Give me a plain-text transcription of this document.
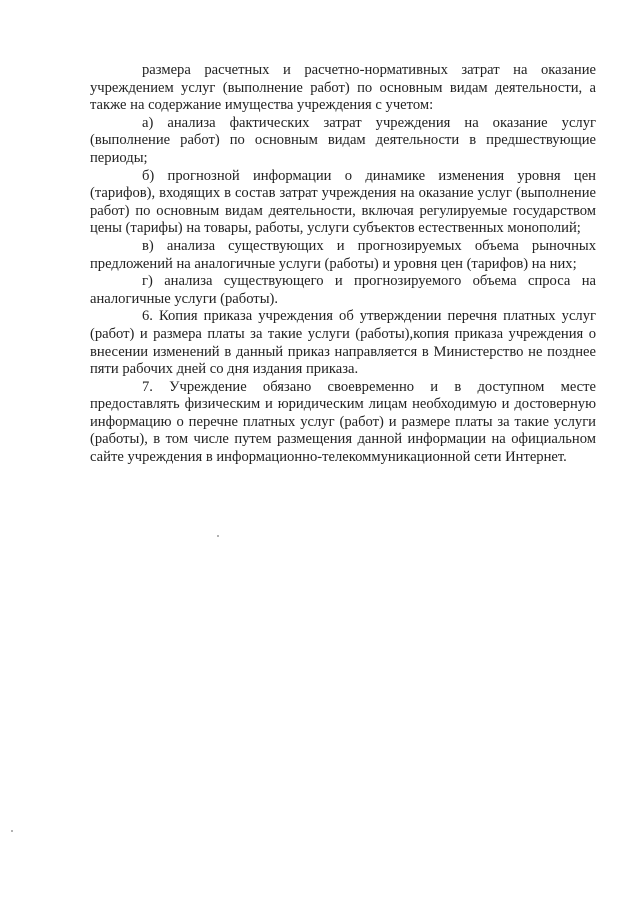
размера расчетных и расчетно-нормативных затрат на оказание учреждением услуг (выполнение работ) по основным видам деятельности, а также на содержание имущества учреждения с учетом:

а) анализа фактических затрат учреждения на оказание услуг (выполнение работ) по основным видам деятельности в предшествующие периоды;

б) прогнозной информации о динамике изменения уровня цен (тарифов), входящих в состав затрат учреждения на оказание услуг (выполнение работ) по основным видам деятельности, включая регулируемые государством цены (тарифы) на товары, работы, услуги субъектов естественных монополий;

в) анализа существующих и прогнозируемых объема рыночных предложений на аналогичные услуги (работы) и уровня цен (тарифов) на них;

г) анализа существующего и прогнозируемого объема спроса на аналогичные услуги (работы).

6. Копия приказа учреждения об утверждении перечня платных услуг (работ) и размера платы за такие услуги (работы),копия приказа учреждения о внесении изменений в данный приказ направляется в Министерство не позднее пяти рабочих дней со дня издания приказа.

7. Учреждение обязано своевременно и в доступном месте предоставлять физическим и юридическим лицам необходимую и достоверную информацию о перечне платных услуг (работ) и размере платы за такие услуги (работы), в том числе путем размещения данной информации на официальном сайте учреждения в информационно-телекоммуникационной сети Интернет.
